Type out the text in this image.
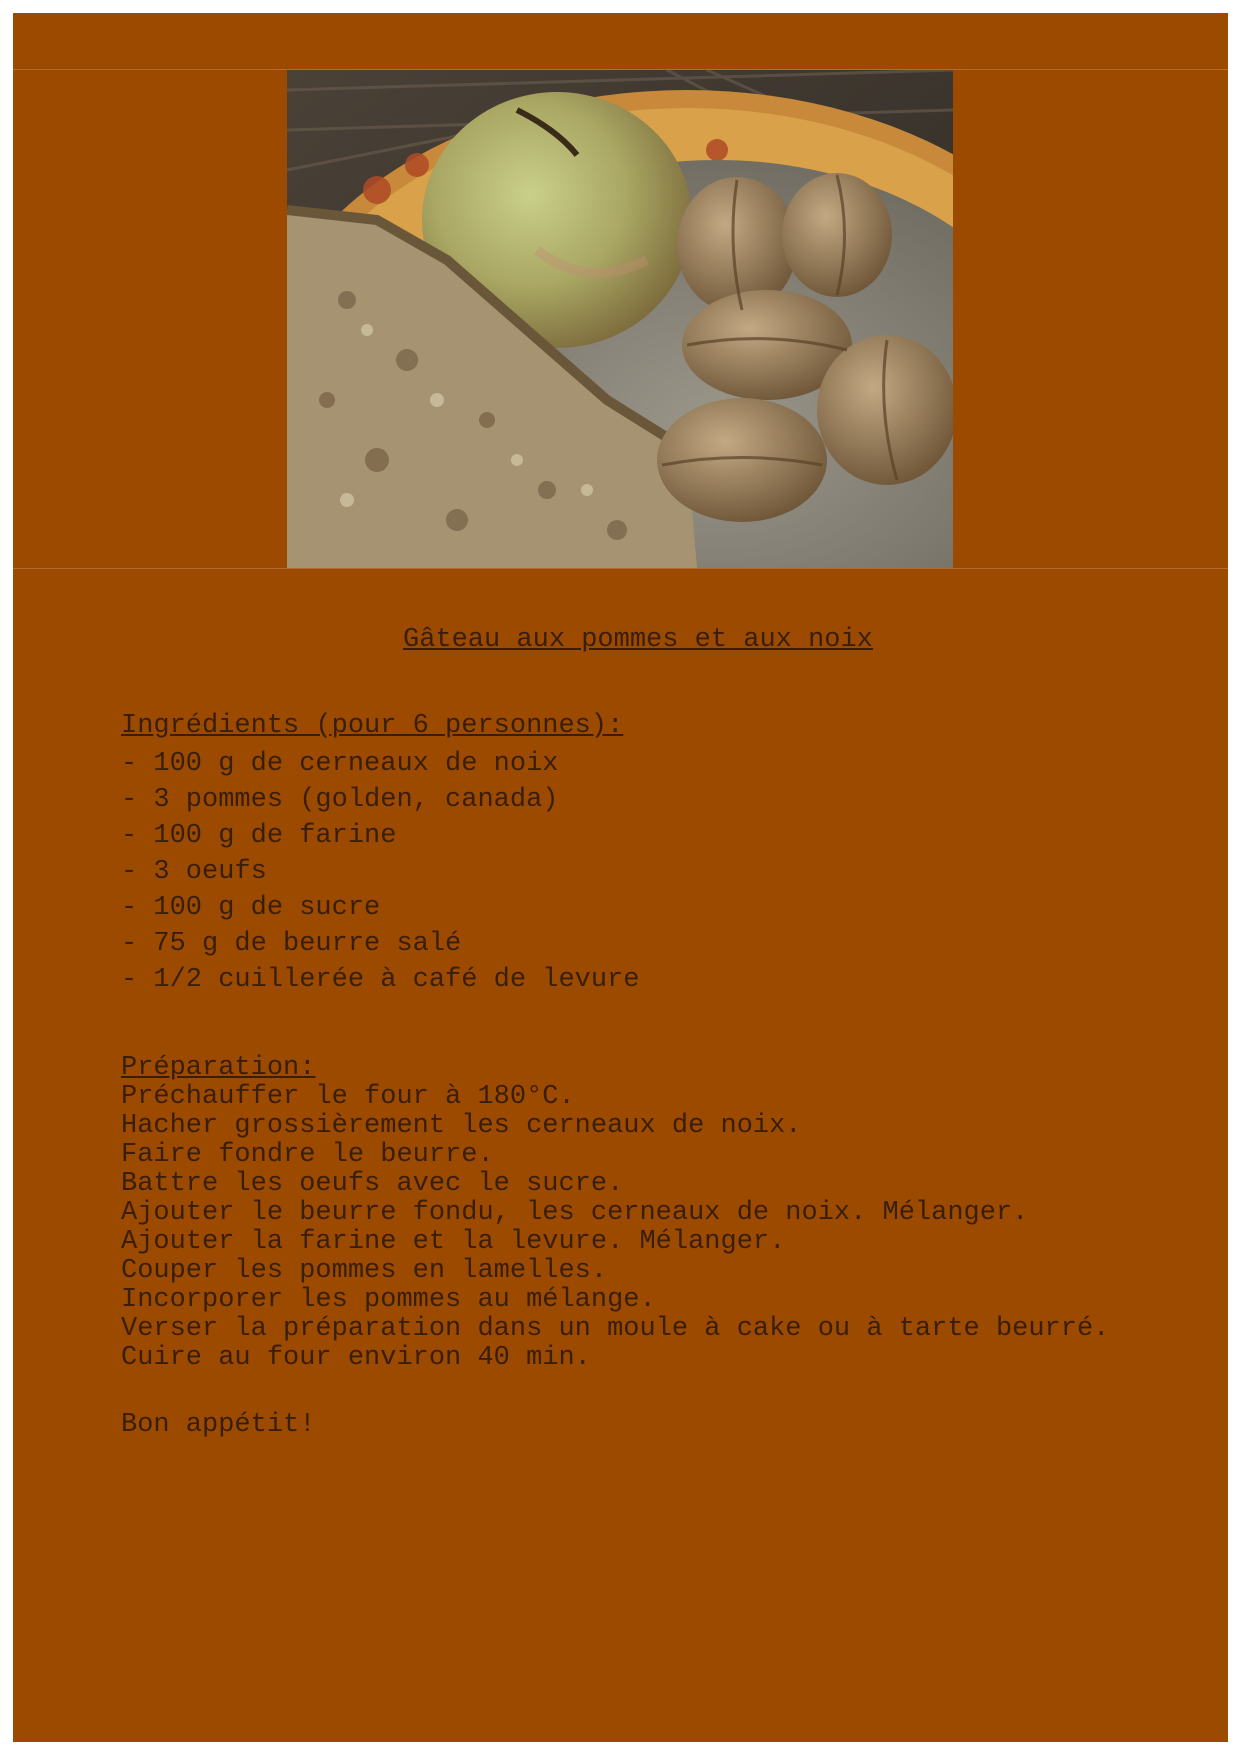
Gâteau aux pommes et aux noix
Ingrédients (pour 6 personnes):
- 100 g de cerneaux de noix
- 3 pommes (golden, canada)
- 100 g de farine
- 3 oeufs
- 100 g de sucre
- 75 g de beurre salé
- 1/2 cuillerée à café de levure
Préparation:
Préchauffer le four à 180°C.
Hacher grossièrement les cerneaux de noix.
Faire fondre le beurre.
Battre les oeufs avec le sucre.
Ajouter le beurre fondu, les cerneaux de noix. Mélanger.
Ajouter la farine et la levure. Mélanger.
Couper les pommes en lamelles.
Incorporer les pommes au mélange.
Verser la préparation dans un moule à cake ou à tarte beurré.
Cuire au four environ 40 min.
Bon appétit!
